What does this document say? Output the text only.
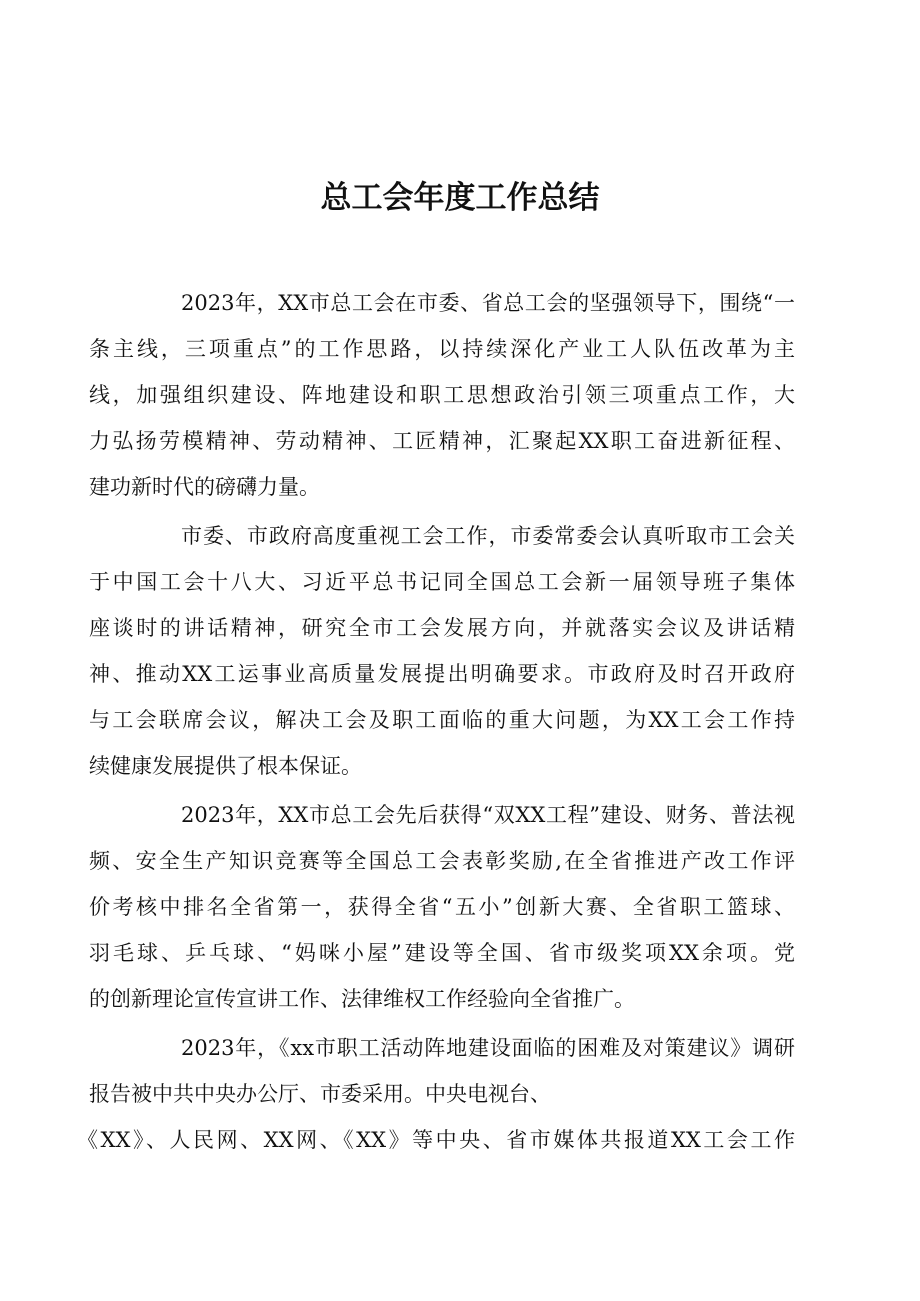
总工会年度工作总结

2023年，XX市总工会在市委、省总工会的坚强领导下，围绕“一
条主线，三项重点”的工作思路，以持续深化产业工人队伍改革为主
线，加强组织建设、阵地建设和职工思想政治引领三项重点工作，大
力弘扬劳模精神、劳动精神、工匠精神，汇聚起XX职工奋进新征程、
建功新时代的磅礴力量。

市委、市政府高度重视工会工作，市委常委会认真听取市工会关
于中国工会十八大、习近平总书记同全国总工会新一届领导班子集体
座谈时的讲话精神，研究全市工会发展方向，并就落实会议及讲话精
神、推动XX工运事业高质量发展提出明确要求。市政府及时召开政府
与工会联席会议，解决工会及职工面临的重大问题，为XX工会工作持
续健康发展提供了根本保证。

2023年，XX市总工会先后获得“双XX工程”建设、财务、普法视
频、安全生产知识竞赛等全国总工会表彰奖励,在全省推进产改工作评
价考核中排名全省第一，获得全省“五小”创新大赛、全省职工篮球、
羽毛球、乒乓球、“妈咪小屋”建设等全国、省市级奖项XX余项。党
的创新理论宣传宣讲工作、法律维权工作经验向全省推广。

2023年，《xx市职工活动阵地建设面临的困难及对策建议》调研
报告被中共中央办公厅、市委采用。中央电视台、
《XX》、人民网、XX网、《XX》等中央、省市媒体共报道XX工会工作
